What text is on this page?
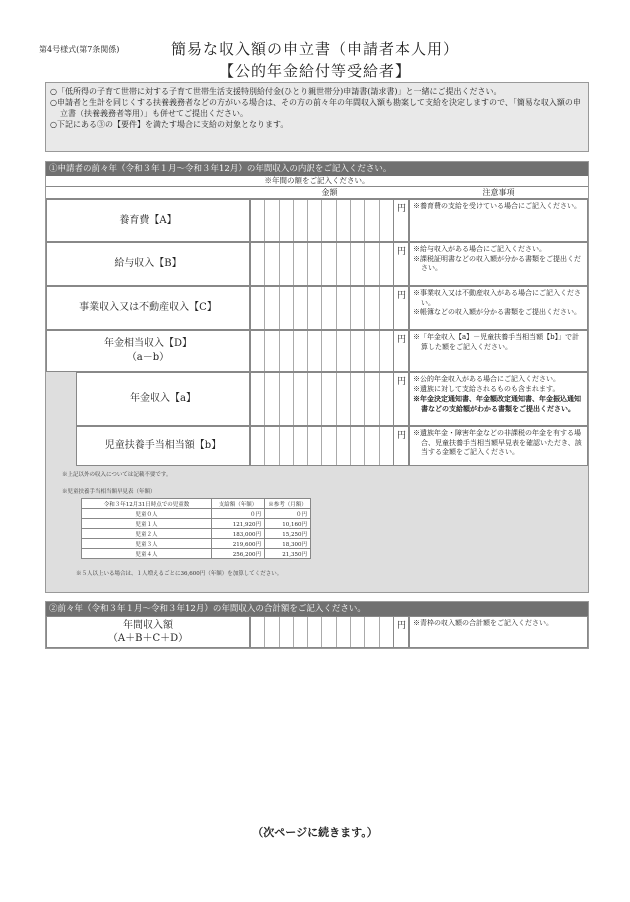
第4号様式(第7条関係)	簡易な収入額の申立書（申請者本人用）
【公的年金給付等受給者】
○「低所得の子育て世帯に対する子育て世帯生活支援特別給付金(ひとり親世帯分)申請書(請求書)」と一緒にご提出ください。
○申請者と生計を同じくする扶養義務者などの方がいる場合は、その方の前々年の年間収入額も勘案して支給を決定しますので、「簡易な収入額の申立書（扶養義務者等用）」も併せてご提出ください。
○下記にある③の【要件】を満たす場合に支給の対象となります。
①申請者の前々年（令和３年１月～令和３年12月）の年間収入の内訳をご記入ください。
※年間の額をご記入ください。
金額	注意事項
養育費【A】
円 ※養育費の支給を受けている場合にご記入ください。
給与収入【B】
円 ※給与収入がある場合にご記入ください。
※課税証明書などの収入額が分かる書類をご提出ください。
事業収入又は不動産収入【C】
円 ※事業収入又は不動産収入がある場合にご記入ください。
※帳簿などの収入額が分かる書類をご提出ください。
年金相当収入【D】
（a－b）
円 ※「年金収入【a】－児童扶養手当相当額【b】」で計算した額をご記入ください。
年金収入【a】
円 ※公的年金収入がある場合にご記入ください。
※遺族に対して支給されるものも含まれます。
※年金決定通知書、年金額改定通知書、年金振込通知書などの支給額がわかる書類をご提出ください。
児童扶養手当相当額【b】
円 ※遺族年金・障害年金などの非課税の年金を有する場合、児童扶養手当相当額早見表を確認いただき、該当する金額をご記入ください。
※上記以外の収入については記載不要です。
※児童扶養手当相当額早見表（年額）
令和３年12月31日時点での児童数	支給額（年額）	※参考（月額）
児童０人	０円	０円
児童１人	121,920円	10,160円
児童２人	183,000円	15,250円
児童３人	219,600円	18,300円
児童４人	256,200円	21,350円
※５人以上いる場合は、１人増えるごとに36,600円（年額）を加算してください。
②前々年（令和３年１月～令和３年12月）の年間収入の合計額をご記入ください。
年間収入額
（A＋B＋C＋D）
円 ※青枠の収入額の合計額をご記入ください。
（次ページに続きます。）
